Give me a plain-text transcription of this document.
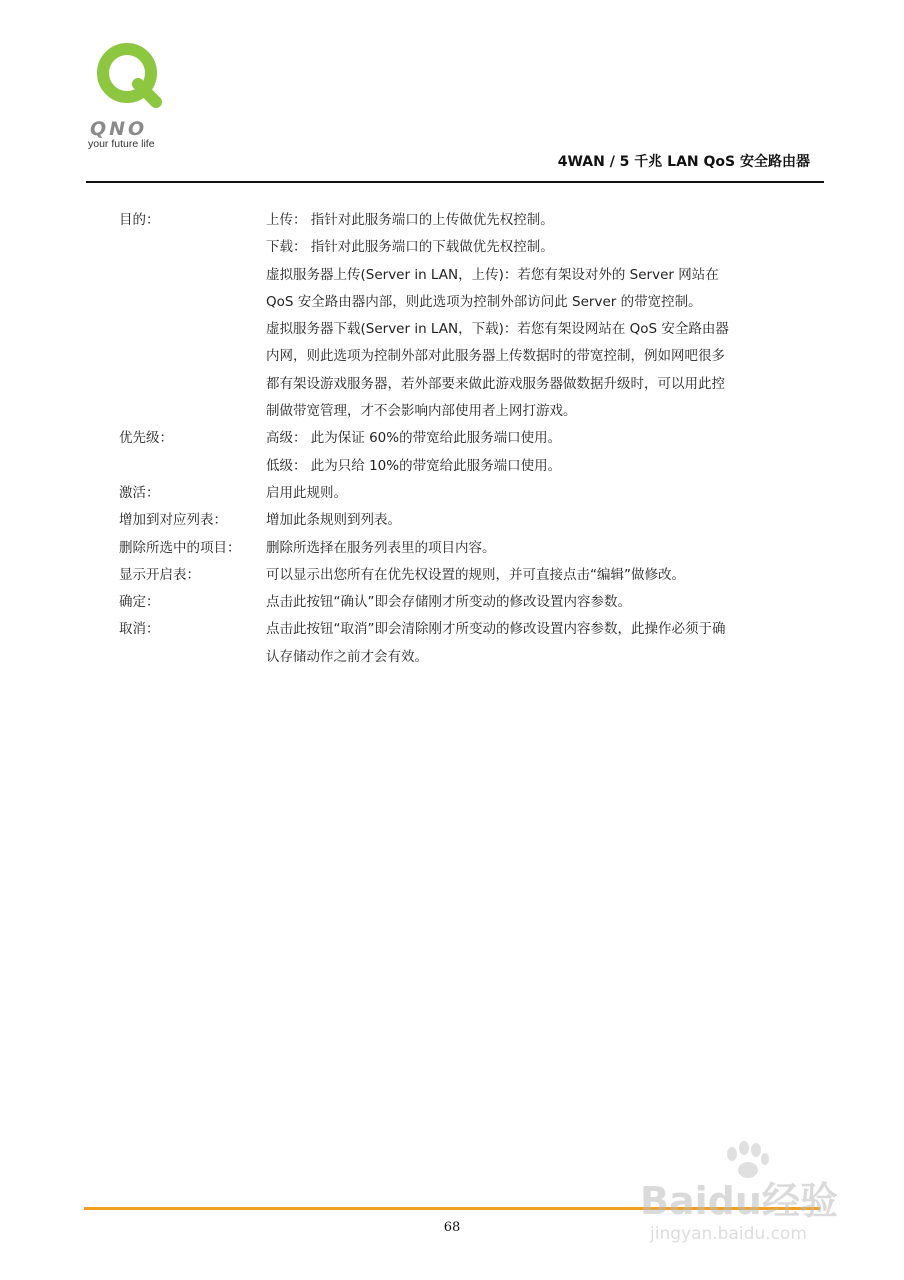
QNO
your future life
4WAN / 5 千兆 LAN QoS 安全路由器
目的：	上传： 指针对此服务端口的上传做优先权控制。
下载： 指针对此服务端口的下载做优先权控制。
虚拟服务器上传(Server in LAN，上传)：若您有架设对外的 Server 网站在
QoS 安全路由器内部，则此选项为控制外部访问此 Server 的带宽控制。
虚拟服务器下载(Server in LAN，下载)：若您有架设网站在 QoS 安全路由器
内网，则此选项为控制外部对此服务器上传数据时的带宽控制，例如网吧很多
都有架设游戏服务器，若外部要来做此游戏服务器做数据升级时，可以用此控
制做带宽管理，才不会影响内部使用者上网打游戏。
优先级：	高级： 此为保证 60%的带宽给此服务端口使用。
低级： 此为只给 10%的带宽给此服务端口使用。
激活：	启用此规则。
增加到对应列表：	增加此条规则到列表。
删除所选中的项目：	删除所选择在服务列表里的项目内容。
显示开启表：	可以显示出您所有在优先权设置的规则，并可直接点击“编辑”做修改。
确定：	点击此按钮“确认”即会存储刚才所变动的修改设置内容参数。
取消：	点击此按钮“取消”即会清除刚才所变动的修改设置内容参数，此操作必须于确
认存储动作之前才会有效。
68
Baidu经验
jingyan.baidu.com
